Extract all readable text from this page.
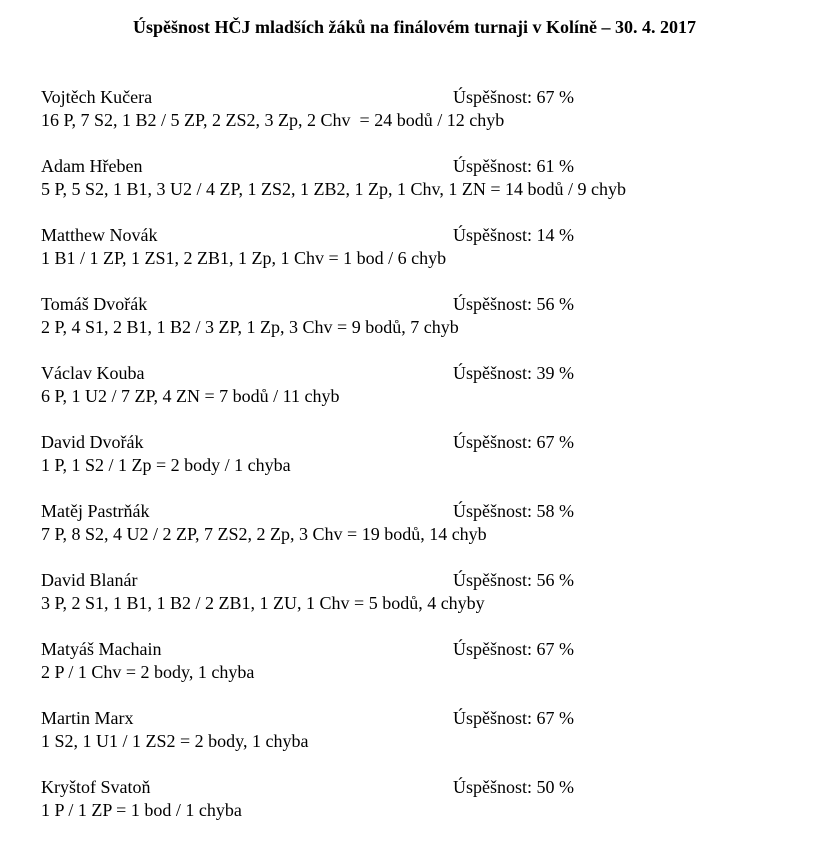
Úspěšnost HČJ mladších žáků na finálovém turnaji v Kolíně – 30. 4. 2017
Vojtěch Kučera	Úspěšnost: 67 %
16 P, 7 S2, 1 B2 / 5 ZP, 2 ZS2, 3 Zp, 2 Chv  = 24 bodů / 12 chyb
Adam Hřeben	Úspěšnost: 61 %
5 P, 5 S2, 1 B1, 3 U2 / 4 ZP, 1 ZS2, 1 ZB2, 1 Zp, 1 Chv, 1 ZN = 14 bodů / 9 chyb
Matthew Novák	Úspěšnost: 14 %
1 B1 / 1 ZP, 1 ZS1, 2 ZB1, 1 Zp, 1 Chv = 1 bod / 6 chyb
Tomáš Dvořák	Úspěšnost: 56 %
2 P, 4 S1, 2 B1, 1 B2 / 3 ZP, 1 Zp, 3 Chv = 9 bodů, 7 chyb
Václav Kouba	Úspěšnost: 39 %
6 P, 1 U2 / 7 ZP, 4 ZN = 7 bodů / 11 chyb
David Dvořák	Úspěšnost: 67 %
1 P, 1 S2 / 1 Zp = 2 body / 1 chyba
Matěj Pastrňák	Úspěšnost: 58 %
7 P, 8 S2, 4 U2 / 2 ZP, 7 ZS2, 2 Zp, 3 Chv = 19 bodů, 14 chyb
David Blanár	Úspěšnost: 56 %
3 P, 2 S1, 1 B1, 1 B2 / 2 ZB1, 1 ZU, 1 Chv = 5 bodů, 4 chyby
Matyáš Machain	Úspěšnost: 67 %
2 P / 1 Chv = 2 body, 1 chyba
Martin Marx	Úspěšnost: 67 %
1 S2, 1 U1 / 1 ZS2 = 2 body, 1 chyba
Kryštof Svatoň	Úspěšnost: 50 %
1 P / 1 ZP = 1 bod / 1 chyba
